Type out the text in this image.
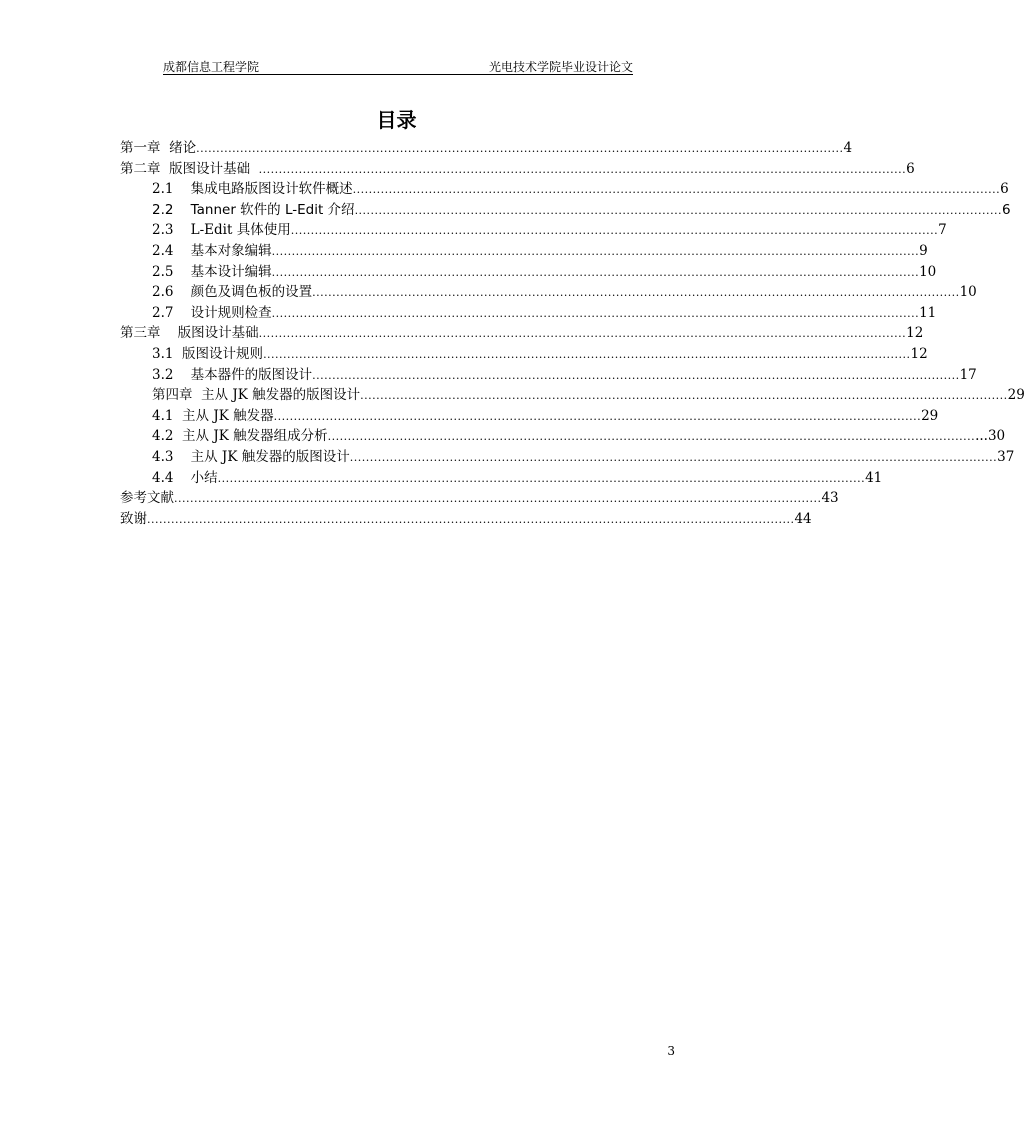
成都信息工程学院	光电技术学院毕业设计论文
目录
第一章  绪论 .................................................................................................................................................................. 4
第二章  版图设计基础 .................................................................................................................................................................. 6
2.1    集成电路版图设计软件概述 .................................................................................................................................................................. 6
2.2    Tanner 软件的 L-Edit 介绍 .................................................................................................................................................................. 6
2.3    L-Edit 具体使用 .................................................................................................................................................................. 7
2.4    基本对象编辑 .................................................................................................................................................................. 9
2.5    基本设计编辑 .................................................................................................................................................................. 10
2.6    颜色及调色板的设置 .................................................................................................................................................................. 10
2.7    设计规则检查 .................................................................................................................................................................. 11
第三章    版图设计基础 .................................................................................................................................................................. 12
3.1  版图设计规则 .................................................................................................................................................................. 12
3.2    基本器件的版图设计 .................................................................................................................................................................. 17
第四章  主从 JK 触发器的版图设计 .................................................................................................................................................................. 29
4.1  主从 JK 触发器 .................................................................................................................................................................. 29
4.2  主从 JK 触发器组成分析 .................................................................................................................................................................. ...30
4.3    主从 JK 触发器的版图设计 .................................................................................................................................................................. 37
4.4    小结 .................................................................................................................................................................. 41
参考文献 .................................................................................................................................................................. 43
致谢 .................................................................................................................................................................. 44
3
